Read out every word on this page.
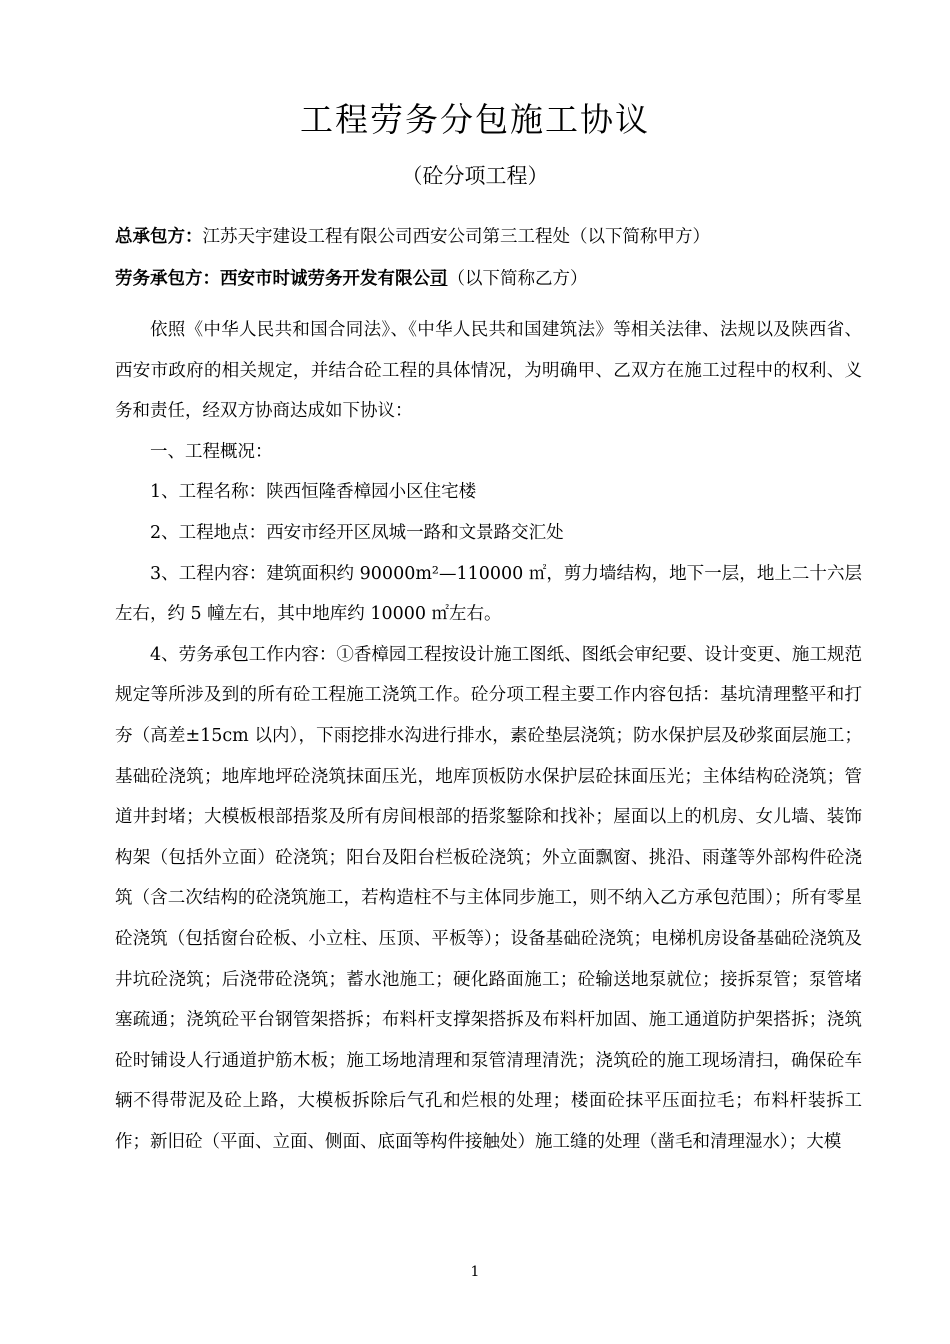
工程劳务分包施工协议
（砼分项工程）
总承包方：江苏天宇建设工程有限公司西安公司第三工程处（以下简称甲方）
劳务承包方：西安市时诚劳务开发有限公司（以下简称乙方）

依照《中华人民共和国合同法》、《中华人民共和国建筑法》等相关法律、法规以及陕西省、西安市政府的相关规定，并结合砼工程的具体情况，为明确甲、乙双方在施工过程中的权利、义务和责任，经双方协商达成如下协议：

一、工程概况：

1、工程名称：陕西恒隆香樟园小区住宅楼

2、工程地点：西安市经开区凤城一路和文景路交汇处

3、工程内容：建筑面积约 90000m²—110000 ㎡，剪力墙结构，地下一层，地上二十六层左右，约 5 幢左右，其中地库约 10000 ㎡左右。

4、劳务承包工作内容：①香樟园工程按设计施工图纸、图纸会审纪要、设计变更、施工规范规定等所涉及到的所有砼工程施工浇筑工作。砼分项工程主要工作内容包括：基坑清理整平和打夯（高差±15cm 以内），下雨挖排水沟进行排水，素砼垫层浇筑；防水保护层及砂浆面层施工；基础砼浇筑；地库地坪砼浇筑抹面压光，地库顶板防水保护层砼抹面压光；主体结构砼浇筑；管道井封堵；大模板根部捂浆及所有房间根部的捂浆錾除和找补；屋面以上的机房、女儿墙、装饰构架（包括外立面）砼浇筑；阳台及阳台栏板砼浇筑；外立面飘窗、挑沿、雨蓬等外部构件砼浇筑（含二次结构的砼浇筑施工，若构造柱不与主体同步施工，则不纳入乙方承包范围）；所有零星砼浇筑（包括窗台砼板、小立柱、压顶、平板等）；设备基础砼浇筑；电梯机房设备基础砼浇筑及井坑砼浇筑；后浇带砼浇筑；蓄水池施工；硬化路面施工；砼输送地泵就位；接拆泵管；泵管堵塞疏通；浇筑砼平台钢管架搭拆；布料杆支撑架搭拆及布料杆加固、施工通道防护架搭拆；浇筑砼时铺设人行通道护筋木板；施工场地清理和泵管清理清洗；浇筑砼的施工现场清扫，确保砼车辆不得带泥及砼上路，大模板拆除后气孔和烂根的处理；楼面砼抹平压面拉毛；布料杆装拆工作；新旧砼（平面、立面、侧面、底面等构件接触处）施工缝的处理（凿毛和清理湿水）；大模

1
